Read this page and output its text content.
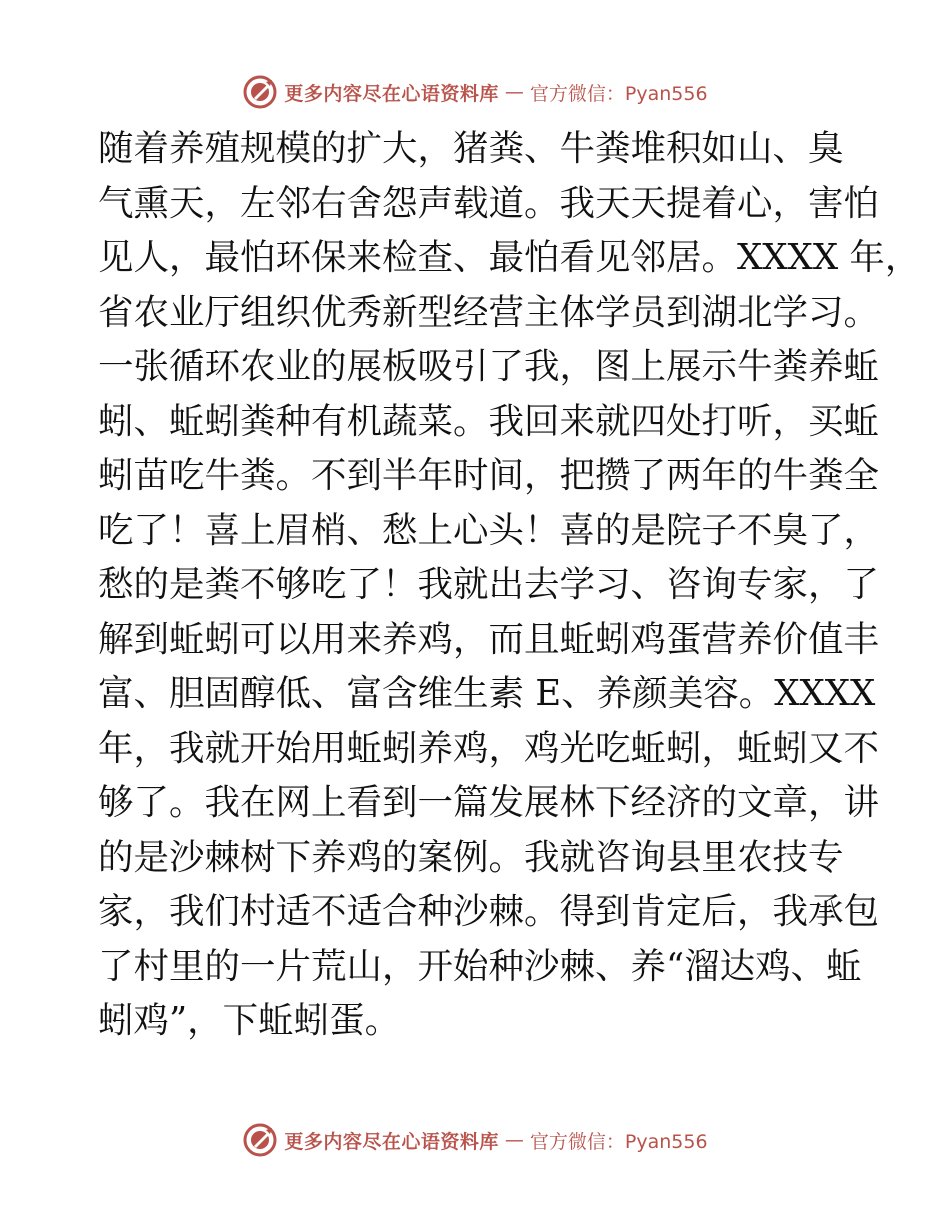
更多内容尽在心语资料库 — 官方微信：Pyan556
随着养殖规模的扩大，猪粪、牛粪堆积如山、臭
气熏天，左邻右舍怨声载道。我天天提着心，害怕
见人，最怕环保来检查、最怕看见邻居。XXXX 年，
省农业厅组织优秀新型经营主体学员到湖北学习。
一张循环农业的展板吸引了我，图上展示牛粪养蚯
蚓、蚯蚓粪种有机蔬菜。我回来就四处打听，买蚯
蚓苗吃牛粪。不到半年时间，把攒了两年的牛粪全
吃了！喜上眉梢、愁上心头！喜的是院子不臭了，
愁的是粪不够吃了！我就出去学习、咨询专家，了
解到蚯蚓可以用来养鸡，而且蚯蚓鸡蛋营养价值丰
富、胆固醇低、富含维生素 E、养颜美容。XXXX
年，我就开始用蚯蚓养鸡，鸡光吃蚯蚓，蚯蚓又不
够了。我在网上看到一篇发展林下经济的文章，讲
的是沙棘树下养鸡的案例。我就咨询县里农技专
家，我们村适不适合种沙棘。得到肯定后，我承包
了村里的一片荒山，开始种沙棘、养“溜达鸡、蚯
蚓鸡”，下蚯蚓蛋。
更多内容尽在心语资料库 — 官方微信：Pyan556
